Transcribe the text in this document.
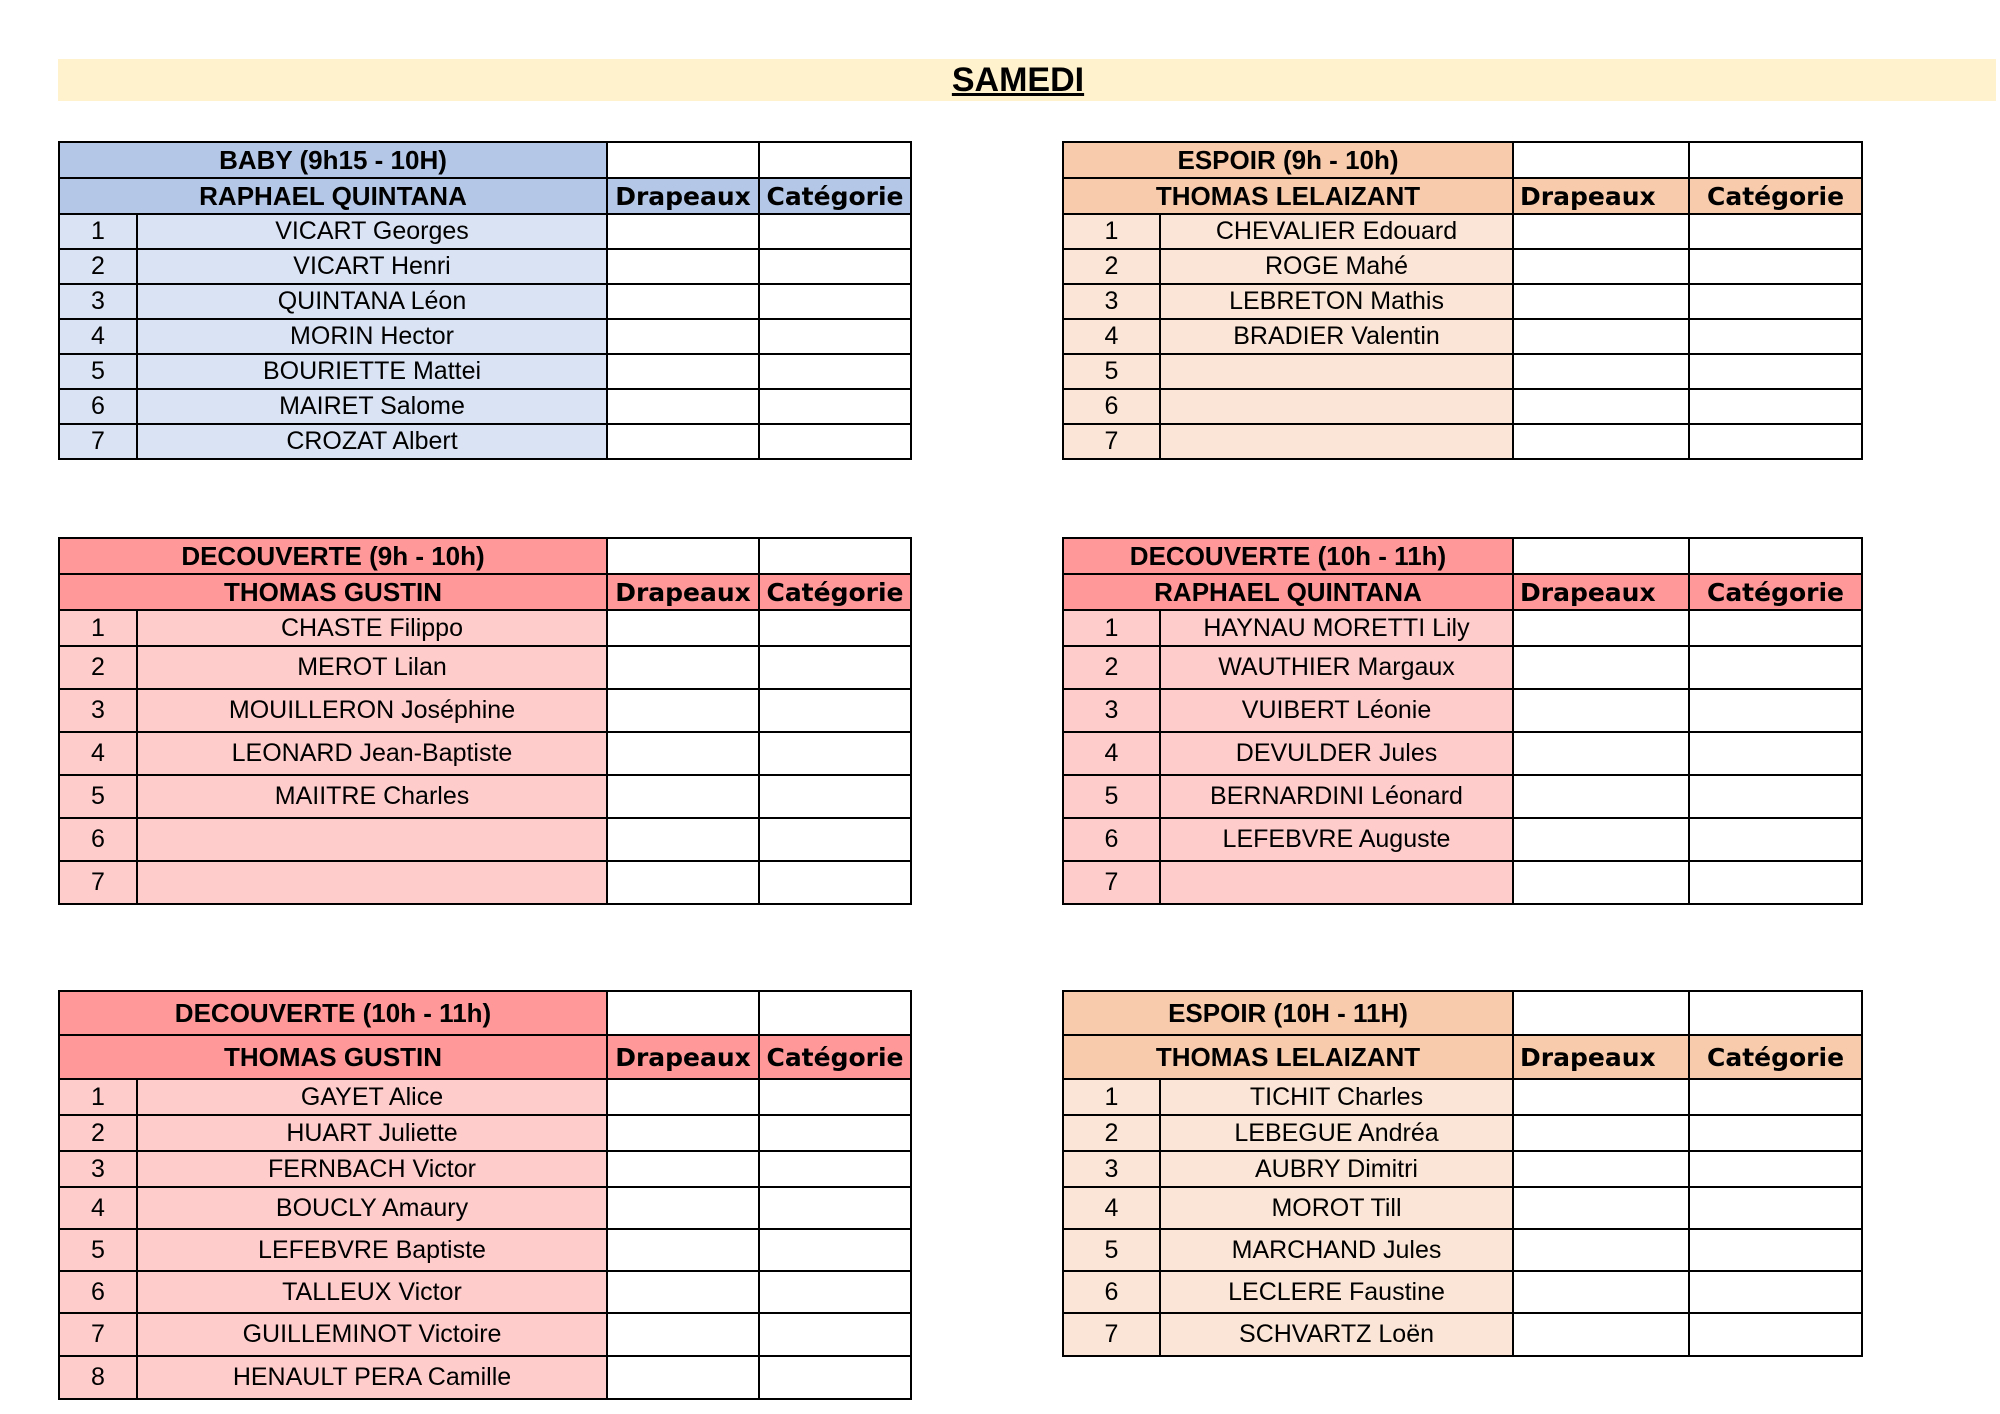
SAMEDI
BABY (9h15 - 10H)			
RAPHAEL QUINTANA		Drapeaux	Catégorie
1	VICART Georges		
2	VICART Henri		
3	QUINTANA Léon		
4	MORIN Hector		
5	BOURIETTE Mattei		
6	MAIRET Salome		
7	CROZAT Albert		
ESPOIR (9h - 10h)			
THOMAS LELAIZANT		Drapeaux	Catégorie
1	CHEVALIER Edouard		
2	ROGE Mahé		
3	LEBRETON Mathis		
4	BRADIER Valentin		
5			
6			
7			
DECOUVERTE (9h - 10h)			
THOMAS GUSTIN		Drapeaux	Catégorie
1	CHASTE Filippo		
2	MEROT Lilan		
3	MOUILLERON Joséphine		
4	LEONARD Jean-Baptiste		
5	MAIITRE Charles		
6			
7			
DECOUVERTE (10h - 11h)			
RAPHAEL QUINTANA		Drapeaux	Catégorie
1	HAYNAU MORETTI Lily		
2	WAUTHIER Margaux		
3	VUIBERT Léonie		
4	DEVULDER Jules		
5	BERNARDINI Léonard		
6	LEFEBVRE Auguste		
7			
DECOUVERTE (10h - 11h)			
THOMAS GUSTIN		Drapeaux	Catégorie
1	GAYET Alice		
2	HUART Juliette		
3	FERNBACH Victor		
4	BOUCLY Amaury		
5	LEFEBVRE Baptiste		
6	TALLEUX Victor		
7	GUILLEMINOT Victoire		
8	HENAULT PERA Camille		
ESPOIR (10H - 11H)			
THOMAS LELAIZANT		Drapeaux	Catégorie
1	TICHIT Charles		
2	LEBEGUE Andréa		
3	AUBRY Dimitri		
4	MOROT Till		
5	MARCHAND Jules		
6	LECLERE Faustine		
7	SCHVARTZ Loën		
